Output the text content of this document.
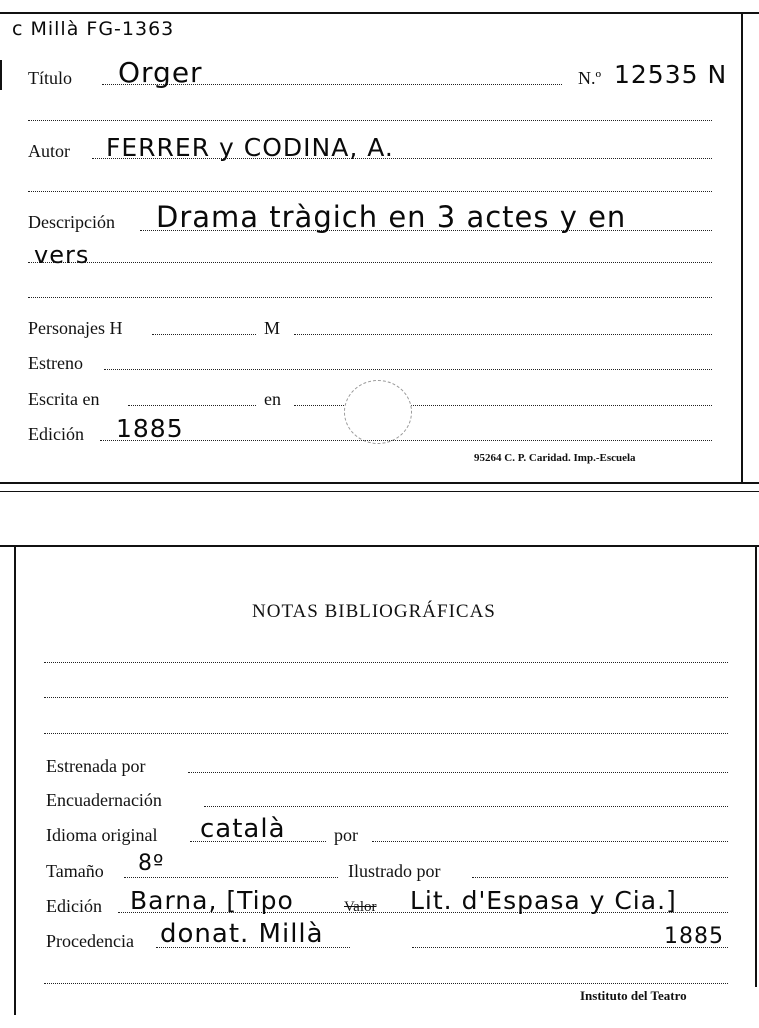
c Millà FG-1363
Título Orger	N.º 12535 N
Autor FERRER y CODINA, A.
Descripción Drama tràgich en 3 actes y en
vers
Personajes H	M
Estreno
Escrita en	en
Edición 1885
95264 C. P. Caridad. Imp.-Escuela
NOTAS BIBLIOGRÁFICAS
Estrenada por
Encuadernación
Idioma original català	por
Tamaño 8º	Ilustrado por
Edición Barna, [Tipo	Valor Lit. d'Espasa y Cia.]
Procedencia donat. Millà	1885
Instituto del Teatro
